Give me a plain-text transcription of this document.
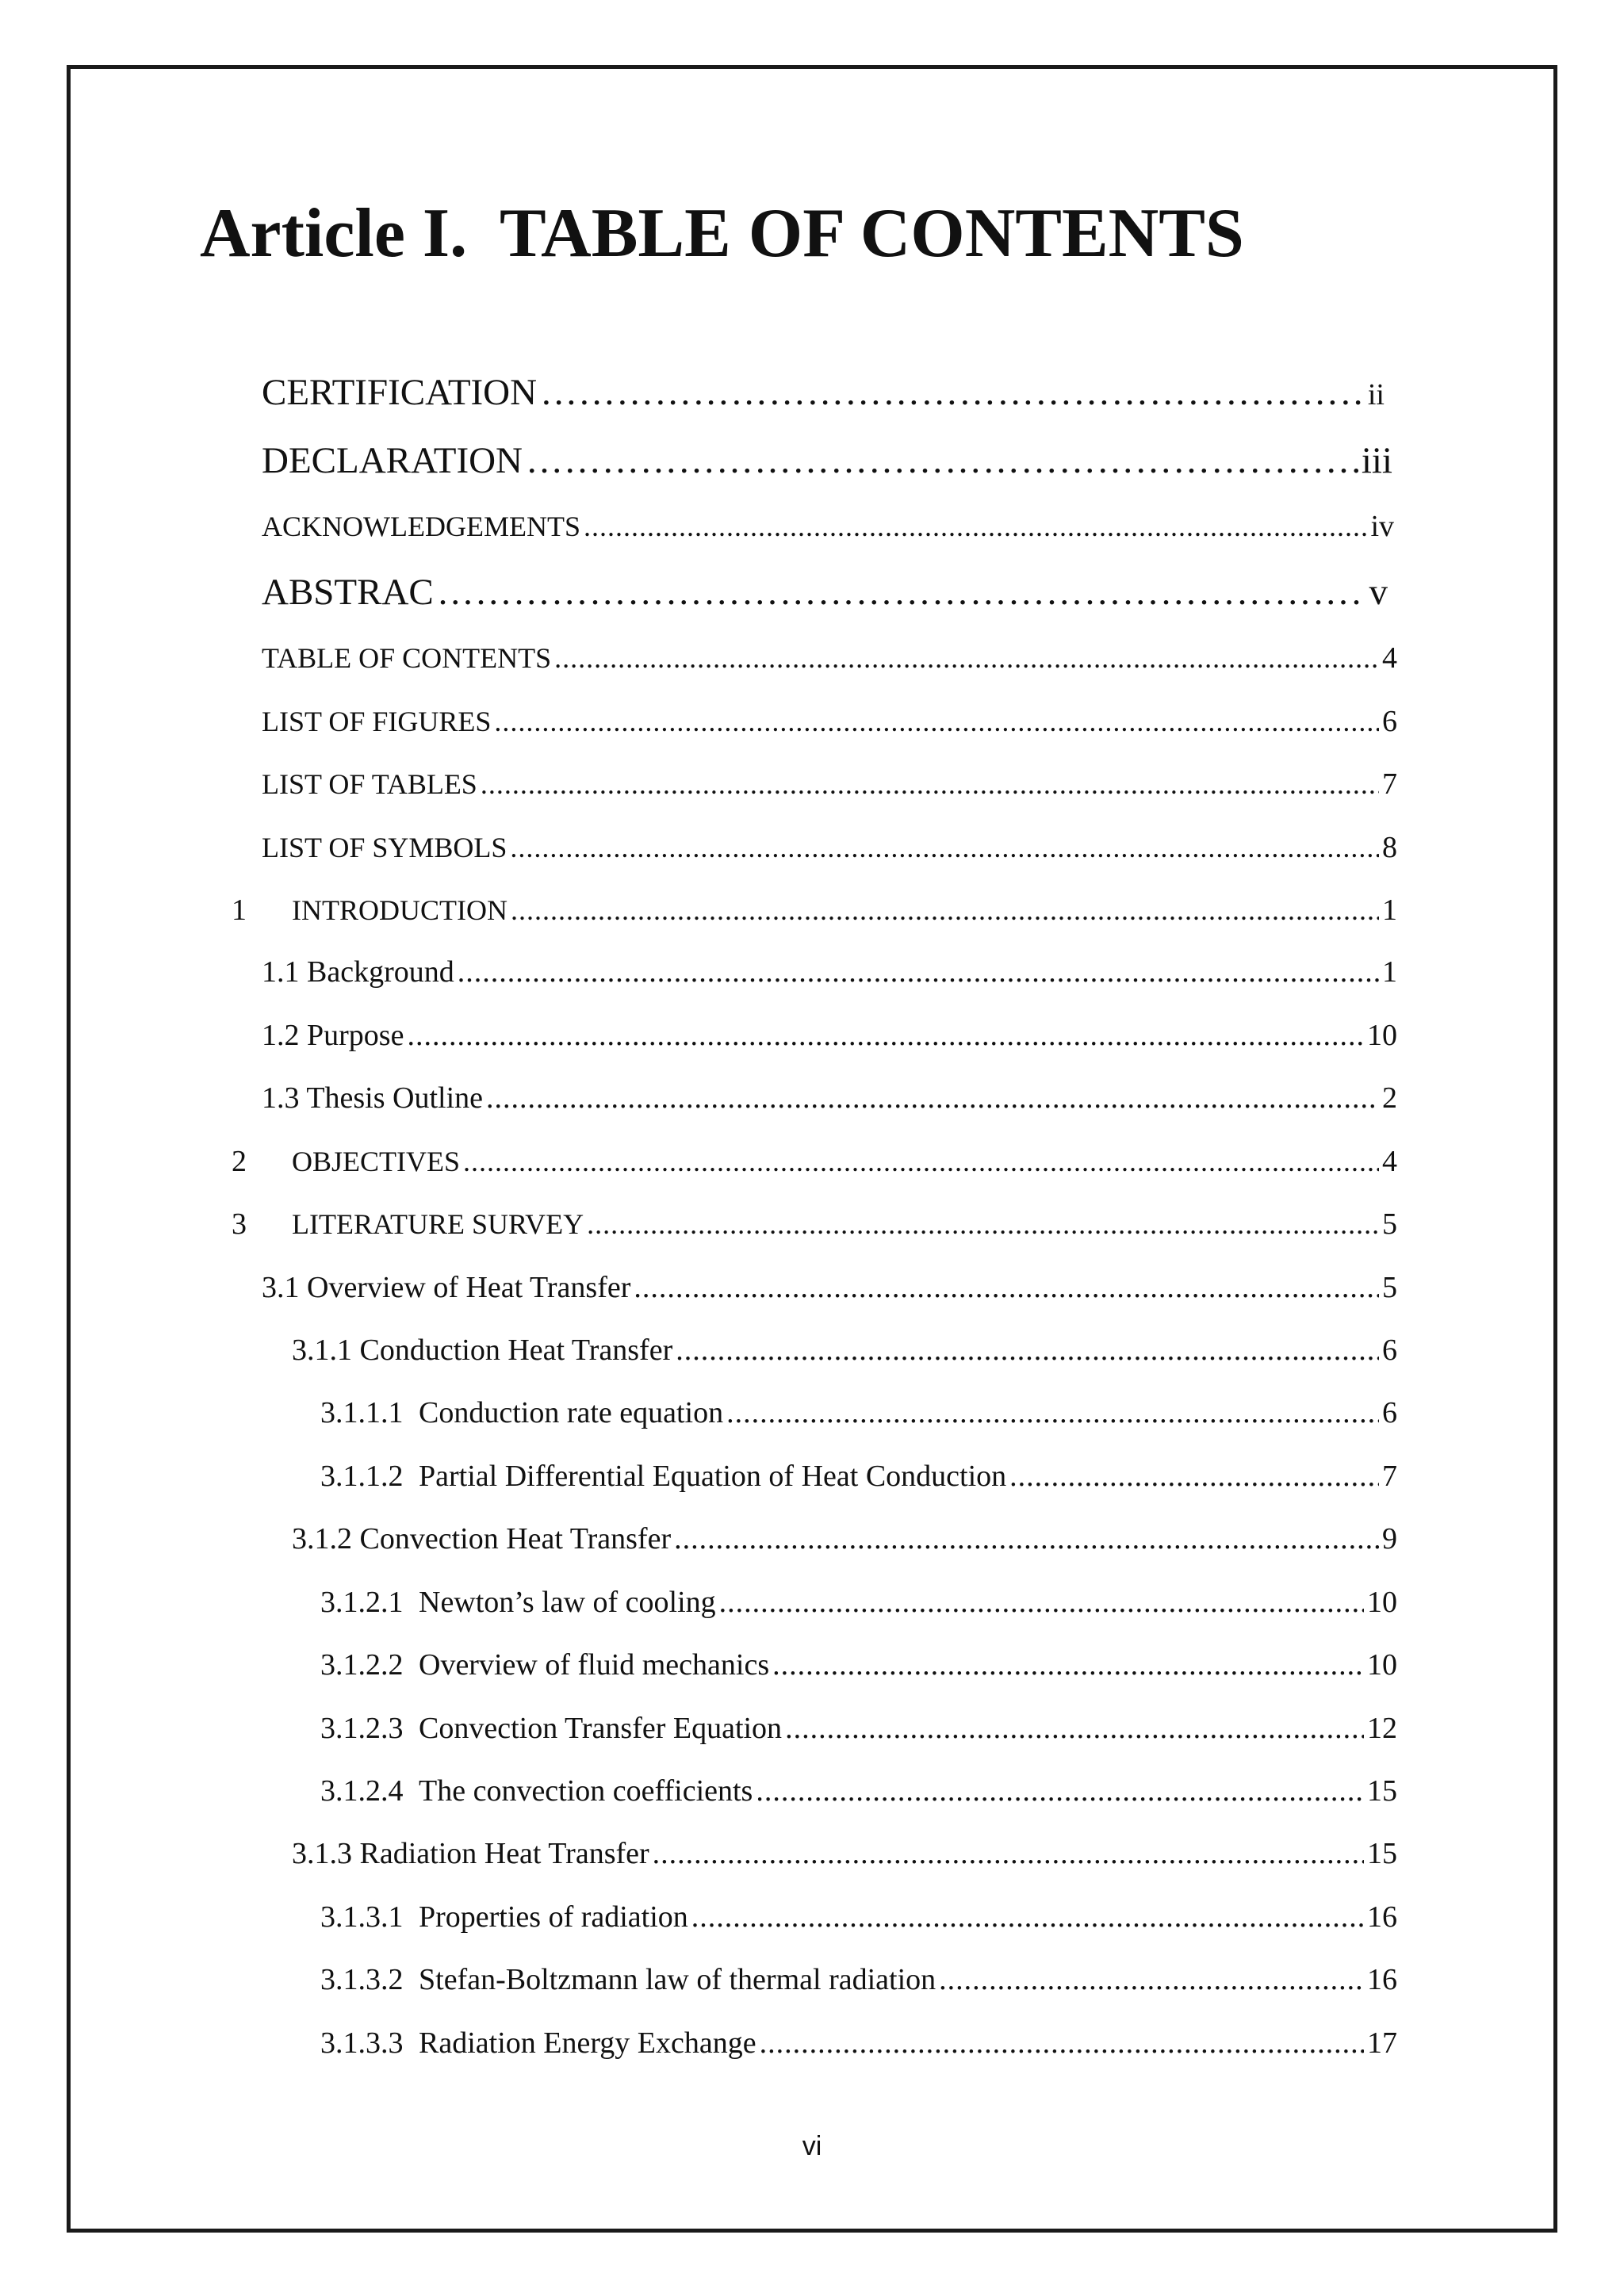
Article I. TABLE OF CONTENTS
CERTIFICATION ……………………………………………………………………………………………………………………………………………………………………………………………………………………	ii
DECLARATION ……………………………………………………………………………………………………………………………………………………………………………………………………………………	iii
ACKNOWLEDGEMENTS .....	iv
ABSTRAC ……………………………………………………………………………………………………………………………………………………………………………………………………………………	v
TABLE OF CONTENTS .....	4
LIST OF FIGURES .....	6
LIST OF TABLES .....	7
LIST OF SYMBOLS .....	8
1	INTRODUCTION .....	1
1.1 Background .....	1
1.2 Purpose .....	10
1.3 Thesis Outline .....	2
2	OBJECTIVES .....	4
3	LITERATURE SURVEY .....	5
3.1 Overview of Heat Transfer .....	5
3.1.1 Conduction Heat Transfer .....	6
3.1.1.1 Conduction rate equation .....	6
3.1.1.2 Partial Differential Equation of Heat Conduction .....	7
3.1.2 Convection Heat Transfer .....	9
3.1.2.1 Newton’s law of cooling .....	10
3.1.2.2 Overview of fluid mechanics .....	10
3.1.2.3 Convection Transfer Equation .....	12
3.1.2.4 The convection coefficients .....	15
3.1.3 Radiation Heat Transfer .....	15
3.1.3.1 Properties of radiation .....	16
3.1.3.2 Stefan-Boltzmann law of thermal radiation .....	16
3.1.3.3 Radiation Energy Exchange .....	17
vi
